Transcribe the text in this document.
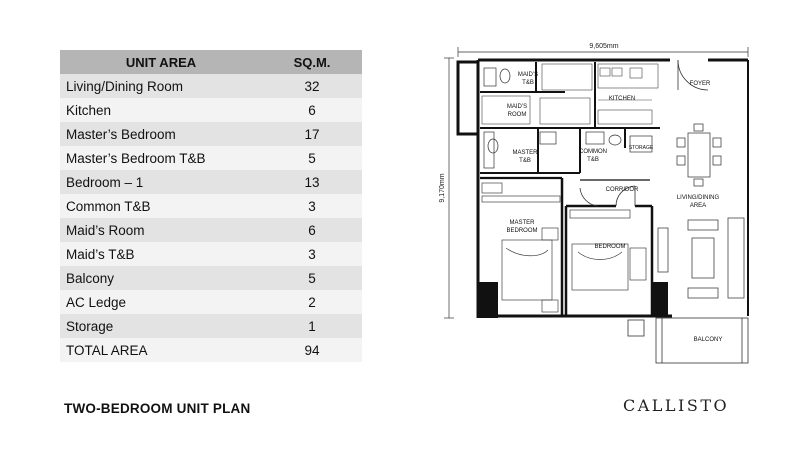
UNIT AREA	SQ.M.
Living/Dining Room	32
Kitchen	6
Master’s Bedroom	17
Master’s Bedroom T&B	5
Bedroom – 1	13
Common T&B	3
Maid’s Room	6
Maid’s T&B	3
Balcony	5
AC Ledge	2
Storage	1
TOTAL AREA	94
TWO-BEDROOM UNIT PLAN	CALLISTO
9,605mm
9,170mm
MAID’S
T&B
MAID’S
ROOM
KITCHEN
FOYER
MASTER
T&B
COMMON
T&B
STORAGE
CORRIDOR
LIVING/DINING
AREA
MASTER
BEDROOM
BEDROOM
BALCONY
